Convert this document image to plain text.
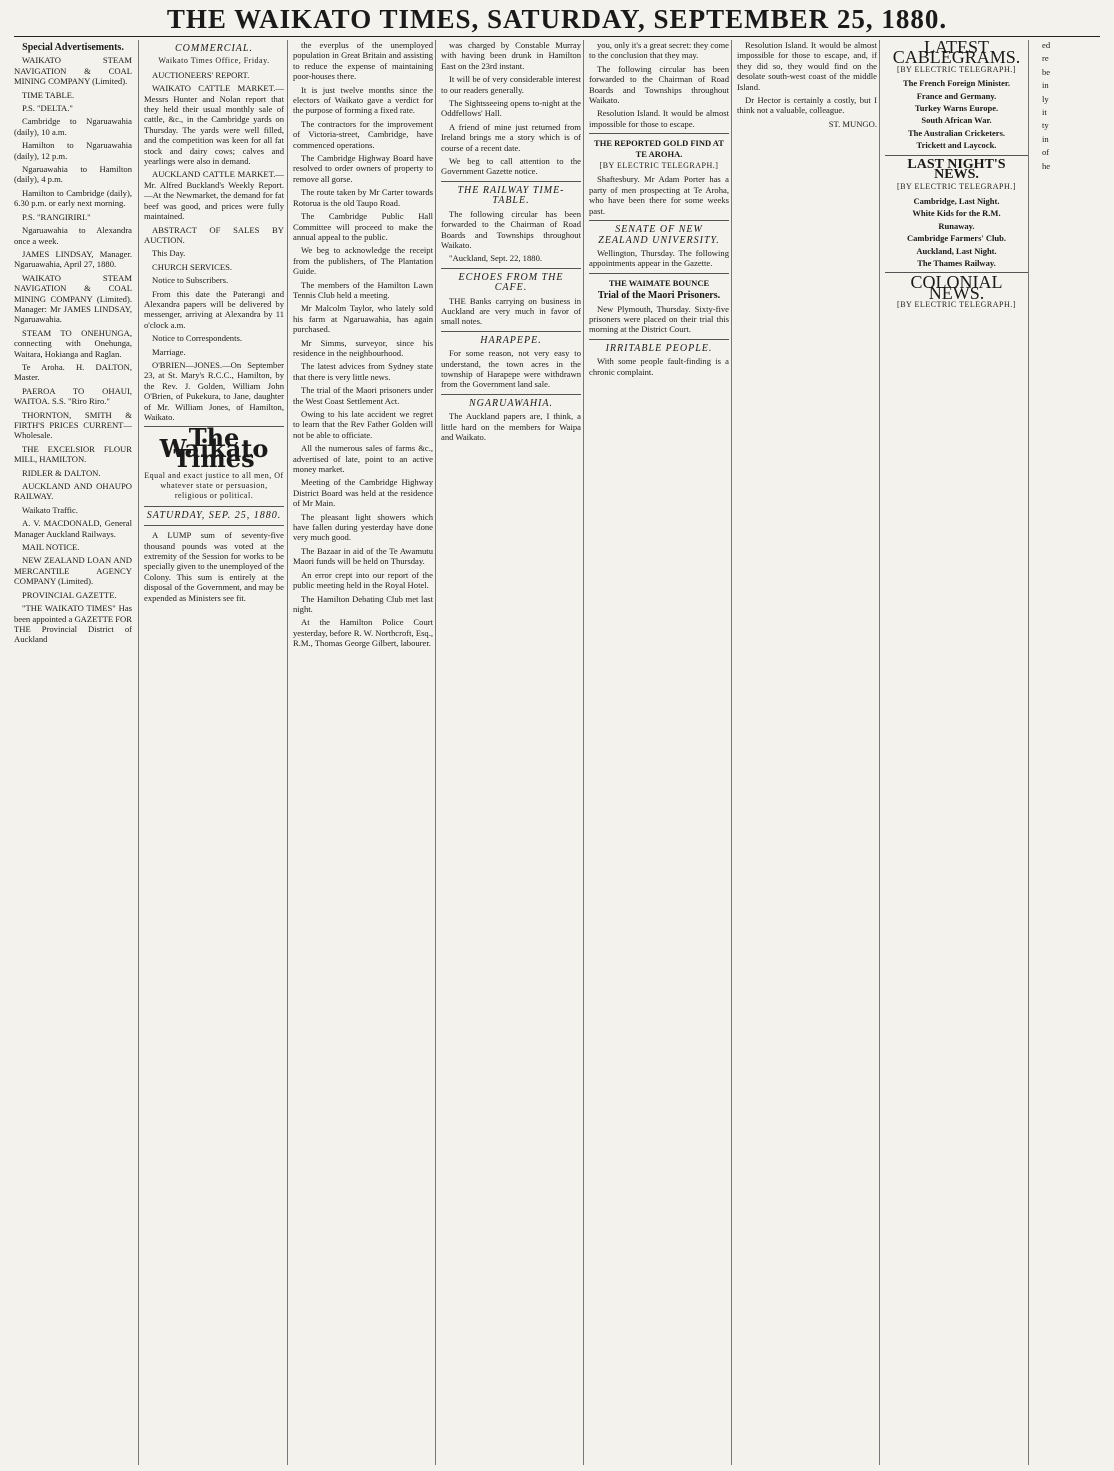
THE WAIKATO TIMES, SATURDAY, SEPTEMBER 25, 1880.
Special Advertisements.

WAIKATO STEAM NAVIGATION & COAL MINING COMPANY (Limited).

TIME TABLE.

P.S. "DELTA."

Cambridge to Ngaruawahia (daily), 10 a.m.

Hamilton to Ngaruawahia (daily), 12 p.m.

Ngaruawahia to Hamilton (daily), 4 p.m.

Hamilton to Cambridge (daily), 6.30 p.m. or early next morning.

P.S. "RANGIRIRI."

Ngaruawahia to Alexandra once a week.

JAMES LINDSAY, Manager. Ngaruawahia, April 27, 1880.

WAIKATO STEAM NAVIGATION & COAL MINING COMPANY (Limited). Manager: Mr JAMES LINDSAY, Ngaruawahia.

STEAM TO ONEHUNGA, connecting with Onehunga, Waitara, Hokianga and Raglan.

Te Aroha. H. DALTON, Master.

PAEROA TO OHAUI, WAITOA. S.S. "Riro Riro."

THORNTON, SMITH & FIRTH'S PRICES CURRENT—Wholesale.

THE EXCELSIOR FLOUR MILL, HAMILTON.

RIDLER & DALTON.

AUCKLAND AND OHAUPO RAILWAY.

Waikato Traffic.

A. V. MACDONALD, General Manager Auckland Railways.

MAIL NOTICE.

NEW ZEALAND LOAN AND MERCANTILE AGENCY COMPANY (Limited).

PROVINCIAL GAZETTE.

"THE WAIKATO TIMES" Has been appointed a GAZETTE FOR THE Provincial District of Auckland

COMMERCIAL.
Waikato Times Office, Friday.

AUCTIONEERS' REPORT.

WAIKATO CATTLE MARKET.—Messrs Hunter and Nolan report that they held their usual monthly sale of cattle, &c., in the Cambridge yards on Thursday. The yards were well filled, and the competition was keen for all fat stock and dairy cows; calves and yearlings were also in demand.

AUCKLAND CATTLE MARKET.—Mr. Alfred Buckland's Weekly Report.—At the Newmarket, the demand for fat beef was good, and prices were fully maintained.

ABSTRACT OF SALES BY AUCTION.

This Day.

CHURCH SERVICES.

Notice to Subscribers.

From this date the Paterangi and Alexandra papers will be delivered by messenger, arriving at Alexandra by 11 o'clock a.m.

Notice to Correspondents.

Marriage.

O'BRIEN—JONES.—On September 23, at St. Mary's R.C.C., Hamilton, by the Rev. J. Golden, William John O'Brien, of Pukekura, to Jane, daughter of Mr. William Jones, of Hamilton, Waikato.

The Waikato Times
Equal and exact justice to all men, Of whatever state or persuasion, religious or political.
SATURDAY, SEP. 25, 1880.

A LUMP sum of seventy-five thousand pounds was voted at the extremity of the Session for works to be specially given to the unemployed of the Colony. This sum is entirely at the disposal of the Government, and may be expended as Ministers see fit.

the everplus of the unemployed population in Great Britain and assisting to reduce the expense of maintaining poor-houses there.

It is just twelve months since the electors of Waikato gave a verdict for the purpose of forming a fixed rate.

The contractors for the improvement of Victoria-street, Cambridge, have commenced operations.

The Cambridge Highway Board have resolved to order owners of property to remove all gorse.

The route taken by Mr Carter towards Rotorua is the old Taupo Road.

The Cambridge Public Hall Committee will proceed to make the annual appeal to the public.

We beg to acknowledge the receipt from the publishers, of The Plantation Guide.

The members of the Hamilton Lawn Tennis Club held a meeting.

Mr Malcolm Taylor, who lately sold his farm at Ngaruawahia, has again purchased.

Mr Simms, surveyor, since his residence in the neighbourhood.

The latest advices from Sydney state that there is very little news.

The trial of the Maori prisoners under the West Coast Settlement Act.

Owing to his late accident we regret to learn that the Rev Father Golden will not be able to officiate.

All the numerous sales of farms &c., advertised of late, point to an active money market.

Meeting of the Cambridge Highway District Board was held at the residence of Mr Main.

The pleasant light showers which have fallen during yesterday have done very much good.

The Bazaar in aid of the Te Awamutu Maori funds will be held on Thursday.

An error crept into our report of the public meeting held in the Royal Hotel.

The Hamilton Debating Club met last night.

At the Hamilton Police Court yesterday, before R. W. Northcroft, Esq., R.M., Thomas George Gilbert, labourer.

was charged by Constable Murray with having been drunk in Hamilton East on the 23rd instant.

It will be of very considerable interest to our readers generally.

The Sightsseeing opens to-night at the Oddfellows' Hall.

A friend of mine just returned from Ireland brings me a story which is of course of a recent date.

We beg to call attention to the Government Gazette notice.

THE RAILWAY TIME-TABLE.

The following circular has been forwarded to the Chairman of Road Boards and Townships throughout Waikato.

"Auckland, Sept. 22, 1880.

ECHOES FROM THE CAFE.

THE Banks carrying on business in Auckland are very much in favor of small notes.

HARAPEPE.

For some reason, not very easy to understand, the town acres in the township of Harapepe were withdrawn from the Government land sale.

NGARUAWAHIA.

The Auckland papers are, I think, a little hard on the members for Waipa and Waikato.

you, only it's a great secret: they come to the conclusion that they may.

The following circular has been forwarded to the Chairman of Road Boards and Townships throughout Waikato.

Resolution Island. It would be almost impossible for those to escape.

THE REPORTED GOLD FIND AT TE AROHA.
[BY ELECTRIC TELEGRAPH.]

Shaftesbury. Mr Adam Porter has a party of men prospecting at Te Aroha, who have been there for some weeks past.

SENATE OF NEW ZEALAND UNIVERSITY.

Wellington, Thursday. The following appointments appear in the Gazette.

THE WAIMATE BOUNCE
Trial of the Maori Prisoners.

New Plymouth, Thursday. Sixty-five prisoners were placed on their trial this morning at the District Court.

IRRITABLE PEOPLE.

With some people fault-finding is a chronic complaint.

Resolution Island. It would be almost impossible for those to escape, and, if they did so, they would find on the desolate south-west coast of the middle Island.

Dr Hector is certainly a costly, but I think not a valuable, colleague.

ST. MUNGO.

LATEST CABLEGRAMS.
[BY ELECTRIC TELEGRAPH.]

The French Foreign Minister.

France and Germany.

Turkey Warns Europe.

South African War.

The Australian Cricketers.

Trickett and Laycock.

LAST NIGHT'S NEWS.
[BY ELECTRIC TELEGRAPH.]

Cambridge, Last Night.

White Kids for the R.M.

Runaway.

Cambridge Farmers' Club.

Auckland, Last Night.

The Thames Railway.

COLONIAL NEWS.
[BY ELECTRIC TELEGRAPH.]

ed

re

be

in

ly

it

ty

in

of

he
